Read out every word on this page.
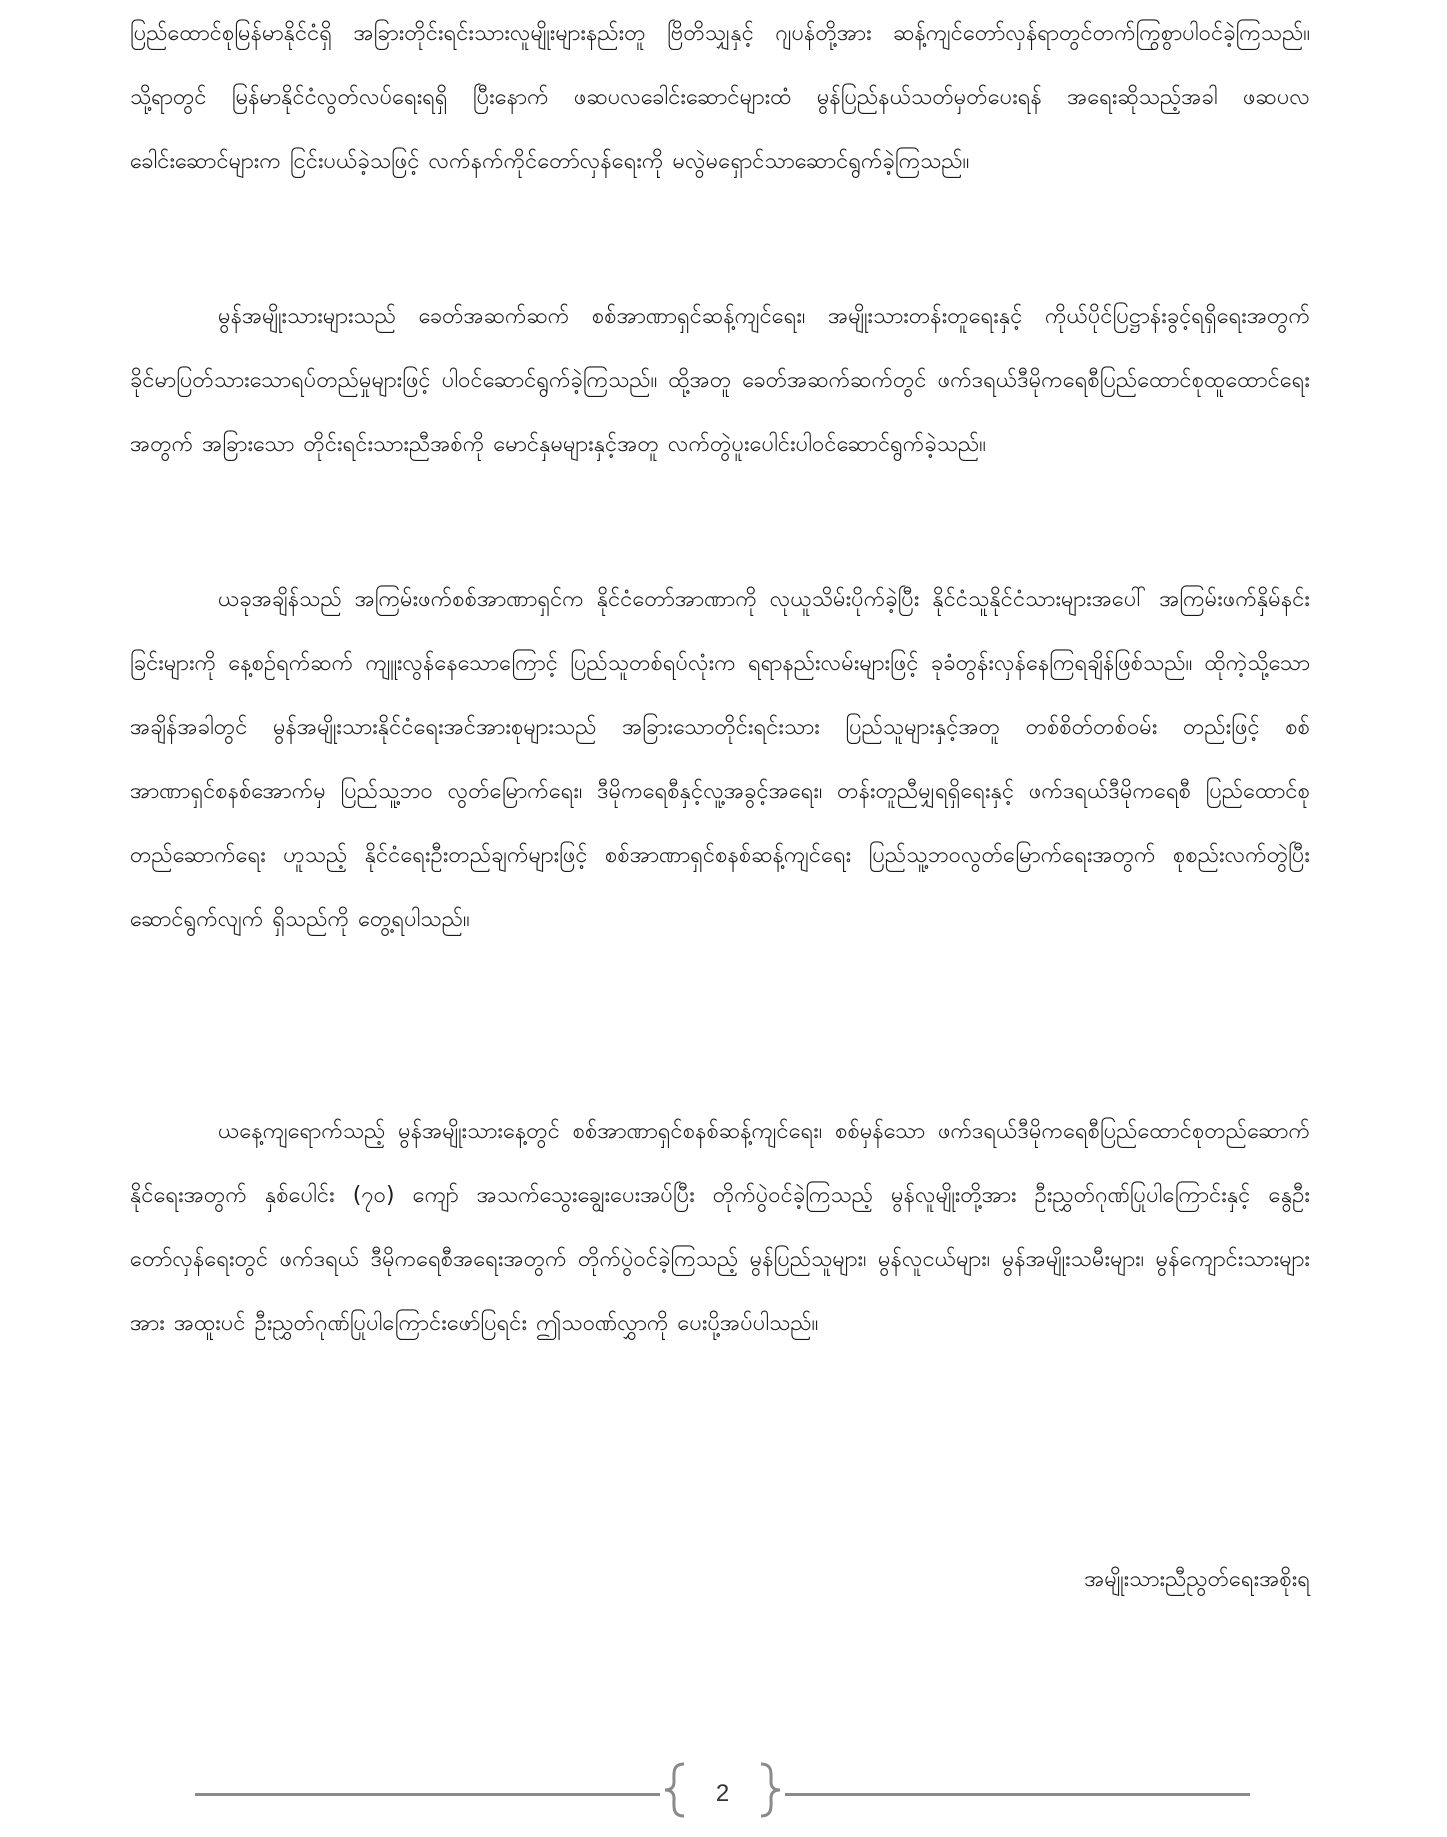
ပြည်ထောင်စုမြန်မာနိုင်ငံရှိ အခြားတိုင်းရင်းသားလူမျိုးများနည်းတူ ဗြိတိသျှနှင့် ဂျပန်တို့အား ဆန့်ကျင်တော်လှန်ရာတွင်တက်ကြွစွာပါဝင်ခဲ့ကြသည်။ သို့ရာတွင် မြန်မာနိုင်ငံလွတ်လပ်ရေးရရှိ ပြီးနောက် ဖဆပလခေါင်းဆောင်များထံ မွန်ပြည်နယ်သတ်မှတ်ပေးရန် အရေးဆိုသည့်အခါ ဖဆပလ ခေါင်းဆောင်များက ငြင်းပယ်ခဲ့သဖြင့် လက်နက်ကိုင်တော်လှန်ရေးကို မလွဲမရှောင်သာဆောင်ရွက်ခဲ့ကြသည်။

မွန်အမျိုးသားများသည် ခေတ်အဆက်ဆက် စစ်အာဏာရှင်ဆန့်ကျင်ရေး၊ အမျိုးသားတန်းတူရေးနှင့် ကိုယ်ပိုင်ပြဋ္ဌာန်းခွင့်ရရှိရေးအတွက် ခိုင်မာပြတ်သားသောရပ်တည်မှုများဖြင့် ပါဝင်ဆောင်ရွက်ခဲ့ကြသည်။ ထို့အတူ ခေတ်အဆက်ဆက်တွင် ဖက်ဒရယ်ဒီမိုကရေစီပြည်ထောင်စုထူထောင်ရေးအတွက် အခြားသော တိုင်းရင်းသားညီအစ်ကို မောင်နှမများနှင့်အတူ လက်တွဲပူးပေါင်းပါဝင်ဆောင်ရွက်ခဲ့သည်။

ယခုအချိန်သည် အကြမ်းဖက်စစ်အာဏာရှင်က နိုင်ငံတော်အာဏာကို လုယူသိမ်းပိုက်ခဲ့ပြီး နိုင်ငံသူနိုင်ငံသားများအပေါ် အကြမ်းဖက်နှိမ်နင်းခြင်းများကို နေ့စဉ်ရက်ဆက် ကျူးလွန်နေသောကြောင့် ပြည်သူတစ်ရပ်လုံးက ရရာနည်းလမ်းများဖြင့် ခုခံတွန်းလှန်နေကြရချိန်ဖြစ်သည်။ ထိုကဲ့သို့သောအချိန်အခါတွင် မွန်အမျိုးသားနိုင်ငံရေးအင်အားစုများသည် အခြားသောတိုင်းရင်းသား ပြည်သူများနှင့်အတူ တစ်စိတ်တစ်ဝမ်း တည်းဖြင့် စစ်အာဏာရှင်စနစ်အောက်မှ ပြည်သူ့ဘဝ လွတ်မြောက်ရေး၊ ဒီမိုကရေစီနှင့်လူ့အခွင့်အရေး၊ တန်းတူညီမျှရရှိရေးနှင့် ဖက်ဒရယ်ဒီမိုကရေစီ ပြည်ထောင်စု တည်ဆောက်ရေး ဟူသည့် နိုင်ငံရေးဦးတည်ချက်များဖြင့် စစ်အာဏာရှင်စနစ်ဆန့်ကျင်ရေး ပြည်သူ့ဘဝလွတ်မြောက်ရေးအတွက် စုစည်းလက်တွဲပြီး ဆောင်ရွက်လျက် ရှိသည်ကို တွေ့ရပါသည်။

ယနေ့ကျရောက်သည့် မွန်အမျိုးသားနေ့တွင် စစ်အာဏာရှင်စနစ်ဆန့်ကျင်ရေး၊ စစ်မှန်သော ဖက်ဒရယ်ဒီမိုကရေစီပြည်ထောင်စုတည်ဆောက်နိုင်ရေးအတွက် နှစ်ပေါင်း (၇၀) ကျော် အသက်သွေးချွေးပေးအပ်ပြီး တိုက်ပွဲဝင်ခဲ့ကြသည့် မွန်လူမျိုးတို့အား ဦးညွှတ်ဂုဏ်ပြုပါကြောင်းနှင့် နွေဦးတော်လှန်ရေးတွင် ဖက်ဒရယ် ဒီမိုကရေစီအရေးအတွက် တိုက်ပွဲဝင်ခဲ့ကြသည့် မွန်ပြည်သူများ၊ မွန်လူငယ်များ၊ မွန်အမျိုးသမီးများ၊ မွန်ကျောင်းသားများအား အထူးပင် ဦးညွှတ်ဂုဏ်ပြုပါကြောင်းဖော်ပြရင်း ဤသဝဏ်လွှာကို ပေးပို့အပ်ပါသည်။

အမျိုးသားညီညွတ်ရေးအစိုးရ

2
